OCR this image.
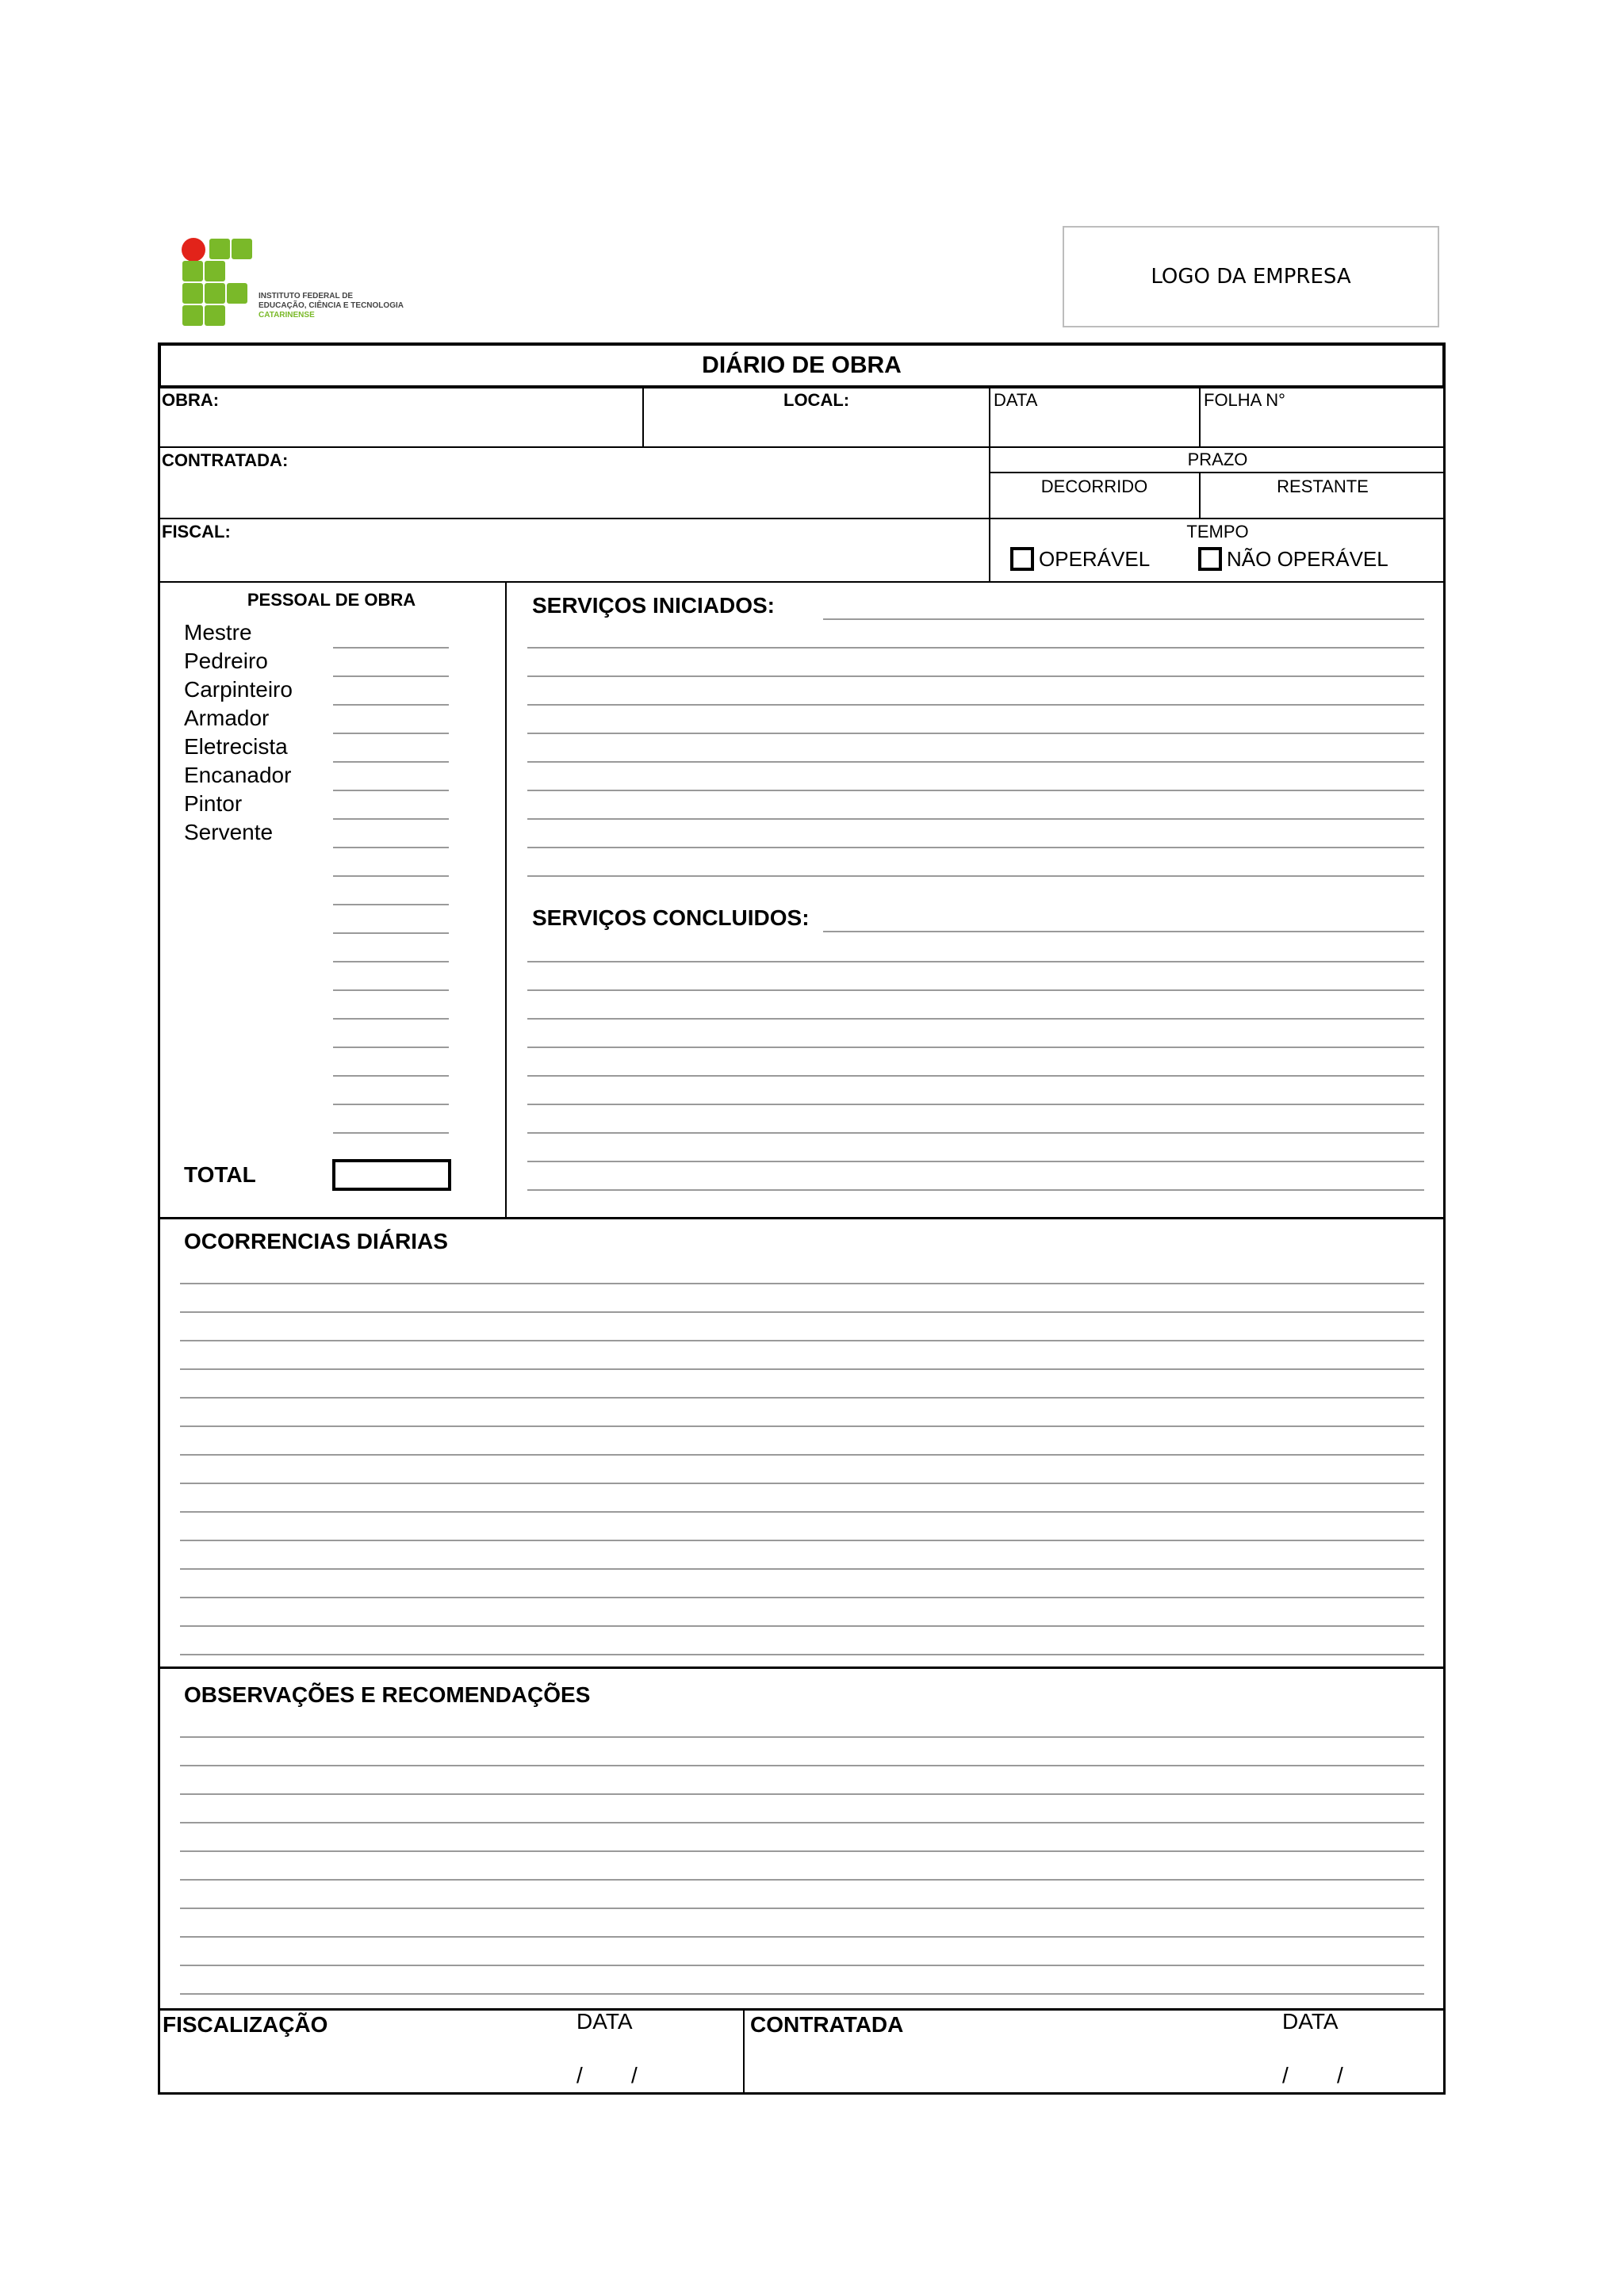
INSTITUTO FEDERAL DE
EDUCAÇÃO, CIÊNCIA E TECNOLOGIA
CATARINENSE
LOGO DA EMPRESA
DIÁRIO DE OBRA
OBRA:	LOCAL:	DATA	FOLHA N°
CONTRATADA:	PRAZO
DECORRIDO	RESTANTE
FISCAL:	TEMPO
OPERÁVEL	NÃO OPERÁVEL
PESSOAL DE OBRA
Mestre
Pedreiro
Carpinteiro
Armador
Eletrecista
Encanador
Pintor
Servente
TOTAL
SERVIÇOS INICIADOS:
SERVIÇOS CONCLUIDOS:
OCORRENCIAS DIÁRIAS
OBSERVAÇÕES E RECOMENDAÇÕES
FISCALIZAÇÃO	DATA
/ /
CONTRATADA	DATA
/ /
